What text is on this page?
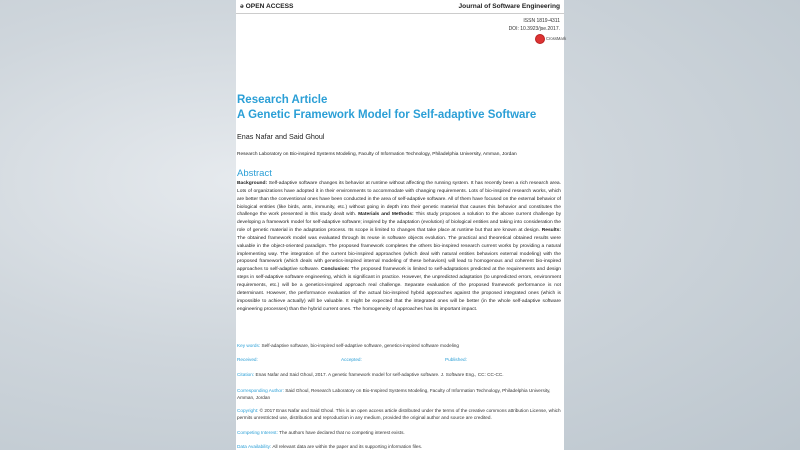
ə OPEN ACCESS	Journal of Software Engineering
ISSN 1819-4311
DOI: 10.3923/jse.2017.
CrossMark
Research Article
A Genetic Framework Model for Self-adaptive Software
Enas Nafar and Said Ghoul
Research Laboratory on Bio-inspired Systems Modeling, Faculty of Information Technology, Philadelphia University, Amman, Jordan
Abstract
Background: Self-adaptive software changes its behavior at runtime without affecting the running system. It has recently been a rich research area. Lots of organizations have adopted it in their environments to accommodate with changing requirements. Lots of bio-inspired research works, which are better than the conventional ones have been conducted in the area of self-adaptive software. All of them have focused on the external behavior of biological entities (like birds, ants, immunity, etc.) without going in depth into their genetic material that causes this behavior and constitutes the challenge the work presented in this study dealt with. Materials and Methods: This study proposes a solution to the above current challenge by developing a framework model for self-adaptive software; inspired by the adaptation (evolution) of biological entities and taking into consideration the role of genetic material in the adaptation process. Its scope is limited to changes that take place at runtime but that are known at design. Results: The obtained framework model was evaluated through its reuse in software objects evolution. The practical and theoretical obtained results were valuable in the object-oriented paradigm. The proposed framework completes the others bio-inspired research current works by providing a natural implementing way. The integration of the current bio-inspired approaches (which deal with natural entities behaviors external modeling) with the proposed framework (which deals with genetics-inspired internal modeling of these behaviors) will lead to homogenous and coherent bio-inspired approaches to self-adaptive software. Conclusion: The proposed framework is limited to self-adaptations predicted at the requirements and design steps in self-adaptive software engineering, which is significant in practice. However, the unpredicted adaptation (to unpredicted errors, environment requirements, etc.) will be a genetics-inspired approach real challenge. Separate evaluation of the proposed framework performance is not determinant. However, the performance evaluation of the actual bio-inspired hybrid approaches against the proposed integrated ones (which is impossible to achieve actually) will be valuable. It might be expected that the integrated ones will be better (in the whole self-adaptive software engineering processes) than the hybrid current ones. The homogeneity of approaches has its important impact.
Key words: Self-adaptive software, bio-inspired self-adaptive software, genetics-inspired software modeling
Received:	Accepted:	Published:
Citation: Enas Nafar and Said Ghoul, 2017. A genetic framework model for self-adaptive software. J. Software Eng., CC: CC-CC.
Corresponding Author: Said Ghoul, Research Laboratory on Bio-Inspired Systems Modeling, Faculty of Information Technology, Philadelphia University, Amman, Jordan
Copyright: © 2017 Enas Nafar and Said Ghoul. This is an open access article distributed under the terms of the creative commons attribution License, which permits unrestricted use, distribution and reproduction in any medium, provided the original author and source are credited.
Competing Interest: The authors have declared that no competing interest exists.
Data Availability: All relevant data are within the paper and its supporting information files.
